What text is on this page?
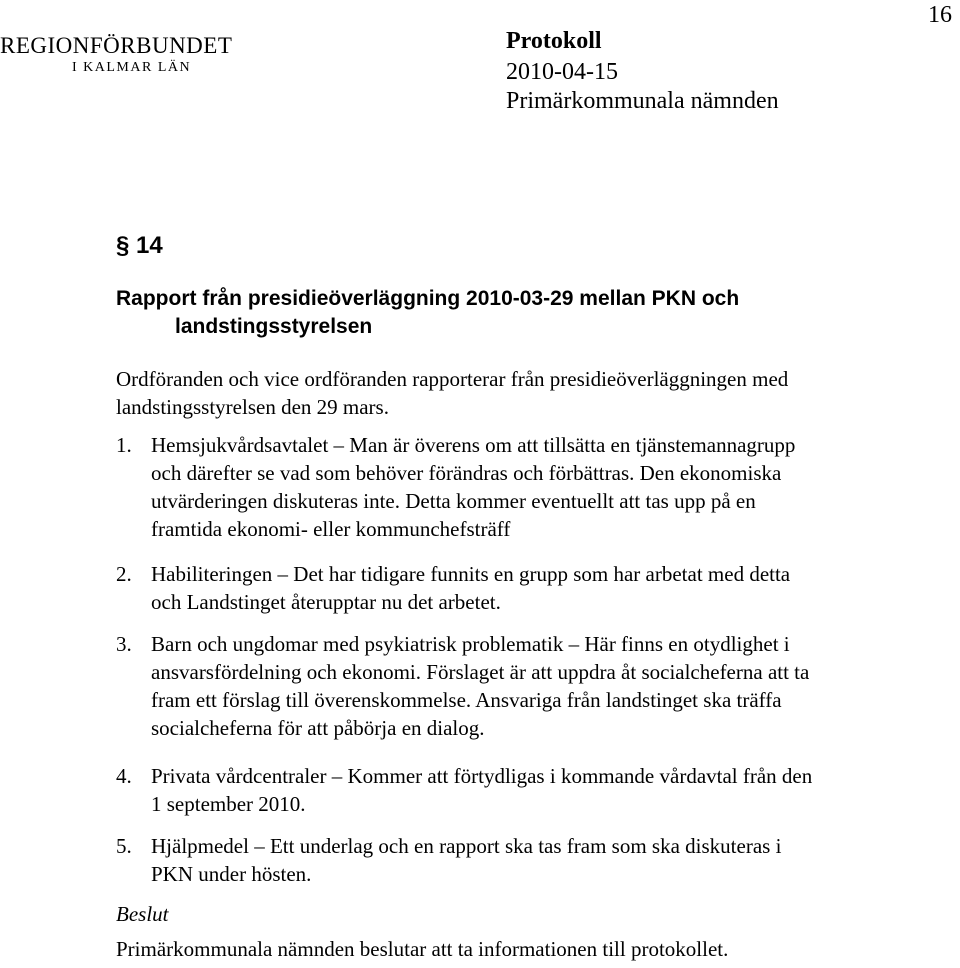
REGIONFÖRBUNDET
I KALMAR LÄN
16
Protokoll
2010-04-15
Primärkommunala nämnden
§ 14
Rapport från presidieöverläggning 2010-03-29 mellan PKN och
landstingsstyrelsen
Ordföranden och vice ordföranden rapporterar från presidieöverläggningen med
landstingsstyrelsen den 29 mars.
1. Hemsjukvårdsavtalet – Man är överens om att tillsätta en tjänstemannagrupp
och därefter se vad som behöver förändras och förbättras. Den ekonomiska
utvärderingen diskuteras inte. Detta kommer eventuellt att tas upp på en
framtida ekonomi- eller kommunchefsträff
2. Habiliteringen – Det har tidigare funnits en grupp som har arbetat med detta
och Landstinget återupptar nu det arbetet.
3. Barn och ungdomar med psykiatrisk problematik – Här finns en otydlighet i
ansvarsfördelning och ekonomi. Förslaget är att uppdra åt socialcheferna att ta
fram ett förslag till överenskommelse. Ansvariga från landstinget ska träffa
socialcheferna för att påbörja en dialog.
4. Privata vårdcentraler – Kommer att förtydligas i kommande vårdavtal från den
1 september 2010.
5. Hjälpmedel – Ett underlag och en rapport ska tas fram som ska diskuteras i
PKN under hösten.
Beslut
Primärkommunala nämnden beslutar att ta informationen till protokollet.
